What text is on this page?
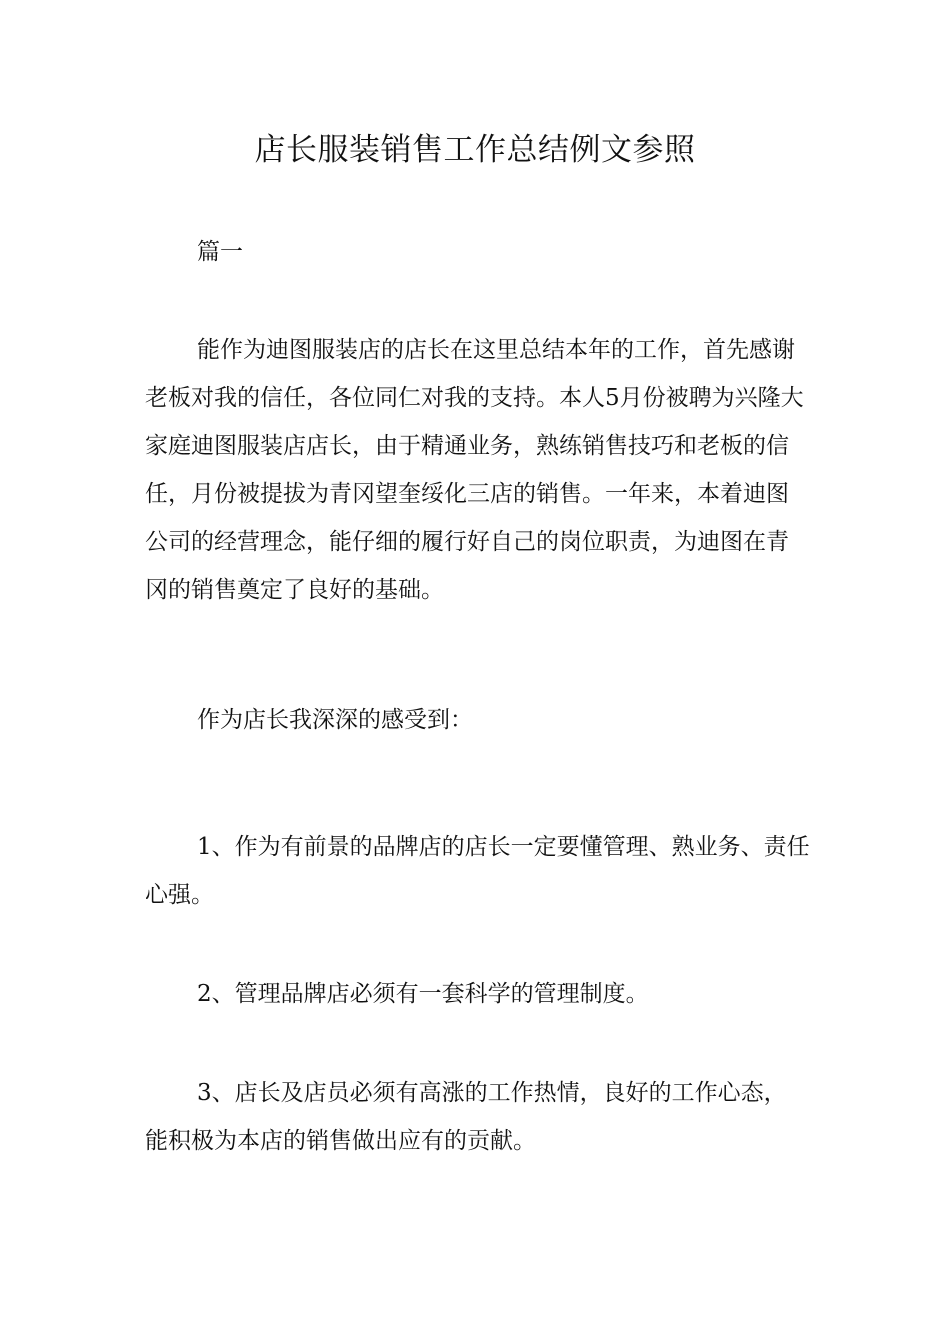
店长服装销售工作总结例文参照

篇一

能作为迪图服装店的店长在这里总结本年的工作，首先感谢老板对我的信任，各位同仁对我的支持。本人5月份被聘为兴隆大家庭迪图服装店店长，由于精通业务，熟练销售技巧和老板的信任，月份被提拔为青冈望奎绥化三店的销售。一年来，本着迪图公司的经营理念，能仔细的履行好自己的岗位职责，为迪图在青冈的销售奠定了良好的基础。

作为店长我深深的感受到：

1、作为有前景的品牌店的店长一定要懂管理、熟业务、责任心强。

2、管理品牌店必须有一套科学的管理制度。

3、店长及店员必须有高涨的工作热情，良好的工作心态，能积极为本店的销售做出应有的贡献。
